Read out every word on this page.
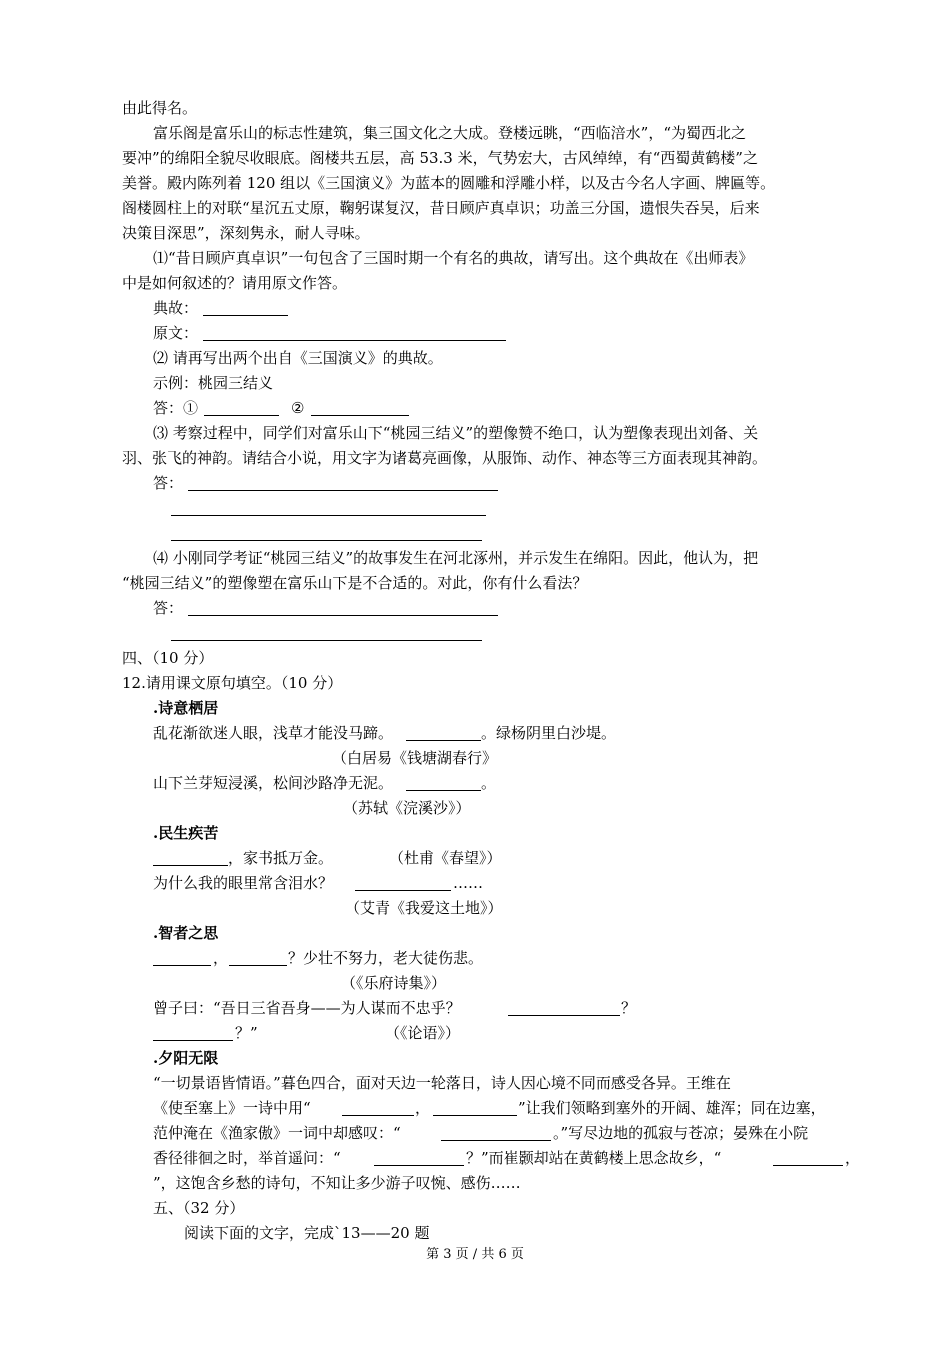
由此得名。
富乐阁是富乐山的标志性建筑，集三国文化之大成。登楼远眺，“西临涪水”，“为蜀西北之
要冲”的绵阳全貌尽收眼底。阁楼共五层，高 53.3 米，气势宏大，古风绰绰，有“西蜀黄鹤楼”之
美誉。殿内陈列着 120 组以《三国演义》为蓝本的圆雕和浮雕小样，以及古今名人字画、牌匾等。
阁楼圆柱上的对联“星沉五丈原，鞠躬谋复汉，昔日顾庐真卓识；功盖三分国，遗恨失吞吴，后来
决策目深思”，深刻隽永，耐人寻味。
⑴“昔日顾庐真卓识”一句包含了三国时期一个有名的典故，请写出。这个典故在《出师表》
中是如何叙述的？请用原文作答。
典故：
原文：
⑵ 请再写出两个出自《三国演义》的典故。
示例：桃园三结义
答：①	②
⑶ 考察过程中，同学们对富乐山下“桃园三结义”的塑像赞不绝口，认为塑像表现出刘备、关
羽、张飞的神韵。请结合小说，用文字为诸葛亮画像，从服饰、动作、神态等三方面表现其神韵。
答：
⑷ 小刚同学考证“桃园三结义”的故事发生在河北涿州，并示发生在绵阳。因此，他认为，把
“桃园三结义”的塑像塑在富乐山下是不合适的。对此，你有什么看法？
答：
四、（10 分）
12.请用课文原句填空。（10 分）
.诗意栖居
乱花渐欲迷人眼，浅草才能没马蹄。	。绿杨阴里白沙堤。
（白居易《钱塘湖春行》
山下兰芽短浸溪，松间沙路净无泥。	。
（苏轼《浣溪沙》）
.民生疾苦
，家书抵万金。	（杜甫《春望》）
为什么我的眼里常含泪水？	……
（艾青《我爱这土地》）
.智者之思
，	？少壮不努力，老大徒伤悲。
（《乐府诗集》）
曾子曰：“吾日三省吾身——为人谋而不忠乎？	？
？”	（《论语》）
.夕阳无限
“一切景语皆情语。”暮色四合，面对天边一轮落日，诗人因心境不同而感受各异。王维在
《使至塞上》一诗中用“	，	”让我们领略到塞外的开阔、雄浑；同在边塞，
范仲淹在《渔家傲》一词中却感叹：“	。”写尽边地的孤寂与苍凉；晏殊在小院
香径徘徊之时，举首遥问：“	？”而崔颢却站在黄鹤楼上思念故乡，“	，
”，这饱含乡愁的诗句，不知让多少游子叹惋、感伤……
五、（32 分）
阅读下面的文字，完成`13——20 题
第 3 页 / 共 6 页
